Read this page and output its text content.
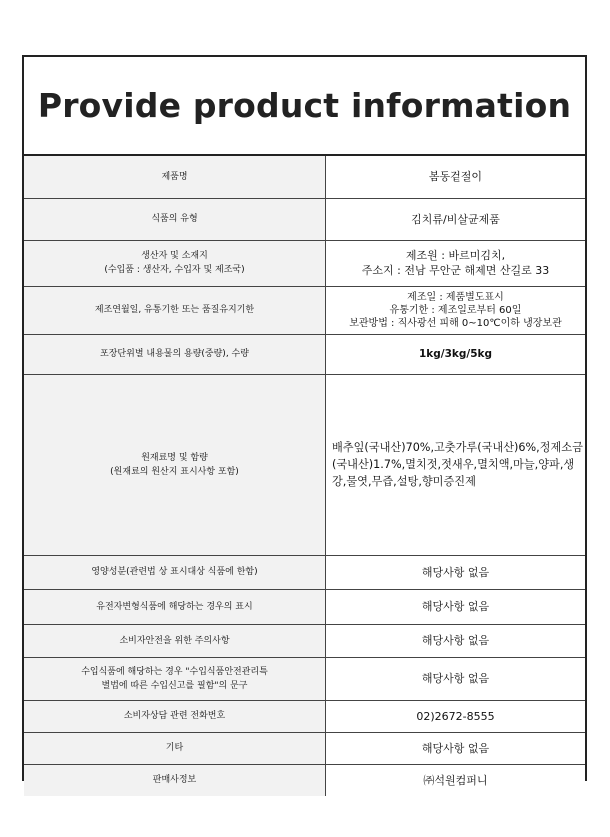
Provide product information
제품명	봄동겉절이
식품의 유형	김치류/비살균제품
생산자 및 소재지
(수입품 : 생산자, 수입자 및 제조국)	제조원 : 바르미김치,
주소지 : 전남 무안군 해제면 산길로 33
제조연월일, 유통기한 또는 품질유지기한	제조일 : 제품별도표시
유통기한 : 제조일로부터 60일
보관방법 : 직사광선 피해 0~10℃이하 냉장보관
포장단위별 내용물의 용량(중량), 수량	1kg/3kg/5kg
원재료명 및 함량
(원재료의 원산지 표시사항 포함)	배추잎(국내산)70%,고춧가루(국내산)6%,정제소금(국내산)1.7%,멸치젓,젓새우,멸치액,마늘,양파,생강,물엿,무즙,설탕,향미증진제
영양성분(관련법 상 표시대상 식품에 한함)	해당사항 없음
유전자변형식품에 해당하는 경우의 표시	해당사항 없음
소비자안전을 위한 주의사항	해당사항 없음
수입식품에 해당하는 경우 "수입식품안전관리특
별법에 따른 수입신고를 필함"의 문구	해당사항 없음
소비자상담 관련 전화번호	02)2672-8555
기타	해당사항 없음
판매사정보	㈜석원컴퍼니
